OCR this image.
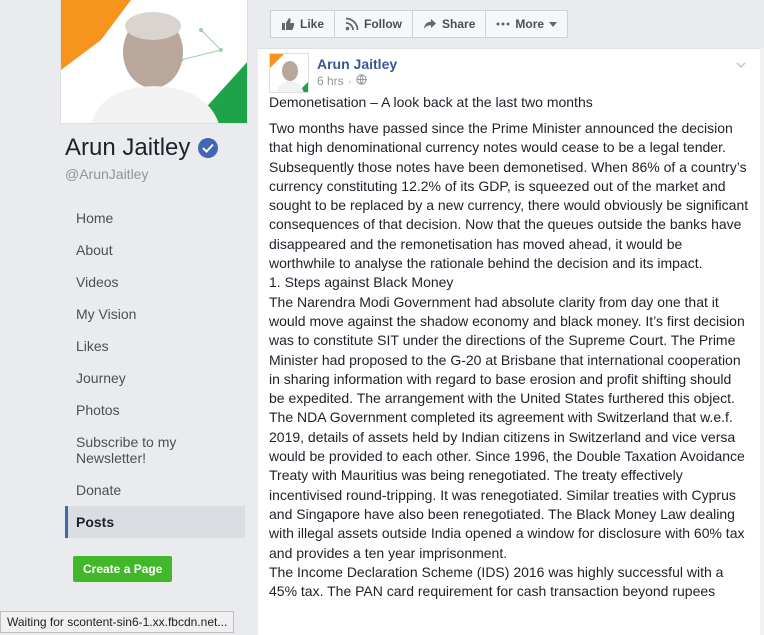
Arun Jaitley
@ArunJaitley
Home
About
Videos
My Vision
Likes
Journey
Photos
Subscribe to my Newsletter!
Donate
Posts
Create a Page
Like	Follow	Share	More
Arun Jaitley
6 hrs ·
Demonetisation – A look back at the last two months

Two months have passed since the Prime Minister announced the decision that high denominational currency notes would cease to be a legal tender. Subsequently those notes have been demonetised. When 86% of a country’s currency constituting 12.2% of its GDP, is squeezed out of the market and sought to be replaced by a new currency, there would obviously be significant consequences of that decision. Now that the queues outside the banks have disappeared and the remonetisation has moved ahead, it would be worthwhile to analyse the rationale behind the decision and its impact.

1. Steps against Black Money

The Narendra Modi Government had absolute clarity from day one that it would move against the shadow economy and black money. It’s first decision was to constitute SIT under the directions of the Supreme Court. The Prime Minister had proposed to the G-20 at Brisbane that international cooperation in sharing information with regard to base erosion and profit shifting should be expedited. The arrangement with the United States furthered this object. The NDA Government completed its agreement with Switzerland that w.e.f. 2019, details of assets held by Indian citizens in Switzerland and vice versa would be provided to each other. Since 1996, the Double Taxation Avoidance Treaty with Mauritius was being renegotiated. The treaty effectively incentivised round-tripping. It was renegotiated. Similar treaties with Cyprus and Singapore have also been renegotiated. The Black Money Law dealing with illegal assets outside India opened a window for disclosure with 60% tax and provides a ten year imprisonment.

The Income Declaration Scheme (IDS) 2016 was highly successful with a 45% tax. The PAN card requirement for cash transaction beyond rupees

Waiting for scontent-sin6-1.xx.fbcdn.net...
